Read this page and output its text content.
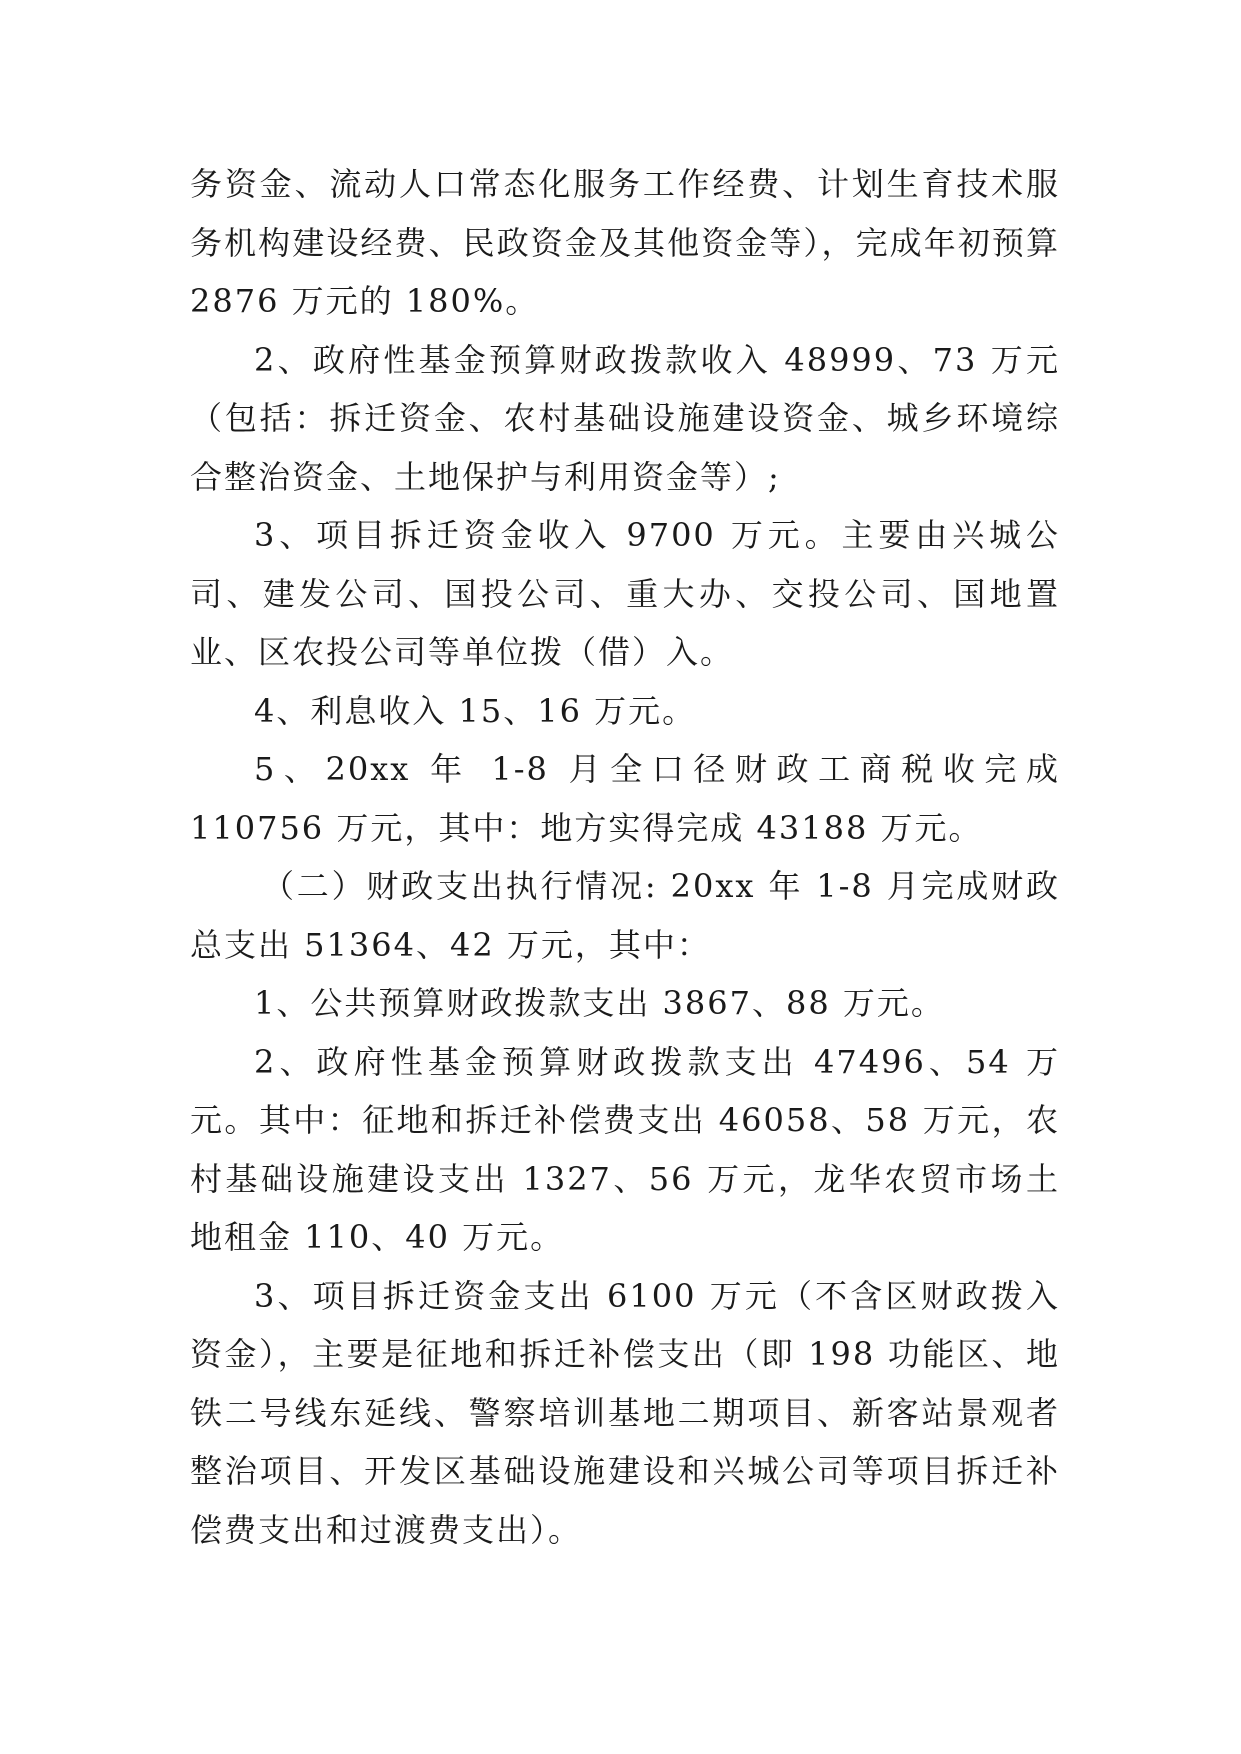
务资金、流动人口常态化服务工作经费、计划生育技术服务机构建设经费、民政资金及其他资金等），完成年初预算 2876 万元的 180%。

2、政府性基金预算财政拨款收入 48999、73 万元（包括：拆迁资金、农村基础设施建设资金、城乡环境综合整治资金、土地保护与利用资金等）;

3、项目拆迁资金收入 9700 万元。主要由兴城公司、建发公司、国投公司、重大办、交投公司、国地置业、区农投公司等单位拨（借）入。

4、利息收入 15、16 万元。

5、20xx 年 1-8 月全口径财政工商税收完成 110756 万元，其中：地方实得完成 43188 万元。

（二）财政支出执行情况: 20xx 年 1-8 月完成财政总支出 51364、42 万元，其中：

1、公共预算财政拨款支出 3867、88 万元。

2、政府性基金预算财政拨款支出 47496、54 万元。其中：征地和拆迁补偿费支出 46058、58 万元，农村基础设施建设支出 1327、56 万元，龙华农贸市场土地租金 110、40 万元。

3、项目拆迁资金支出 6100 万元（不含区财政拨入资金），主要是征地和拆迁补偿支出（即 198 功能区、地铁二号线东延线、警察培训基地二期项目、新客站景观者整治项目、开发区基础设施建设和兴城公司等项目拆迁补偿费支出和过渡费支出）。
